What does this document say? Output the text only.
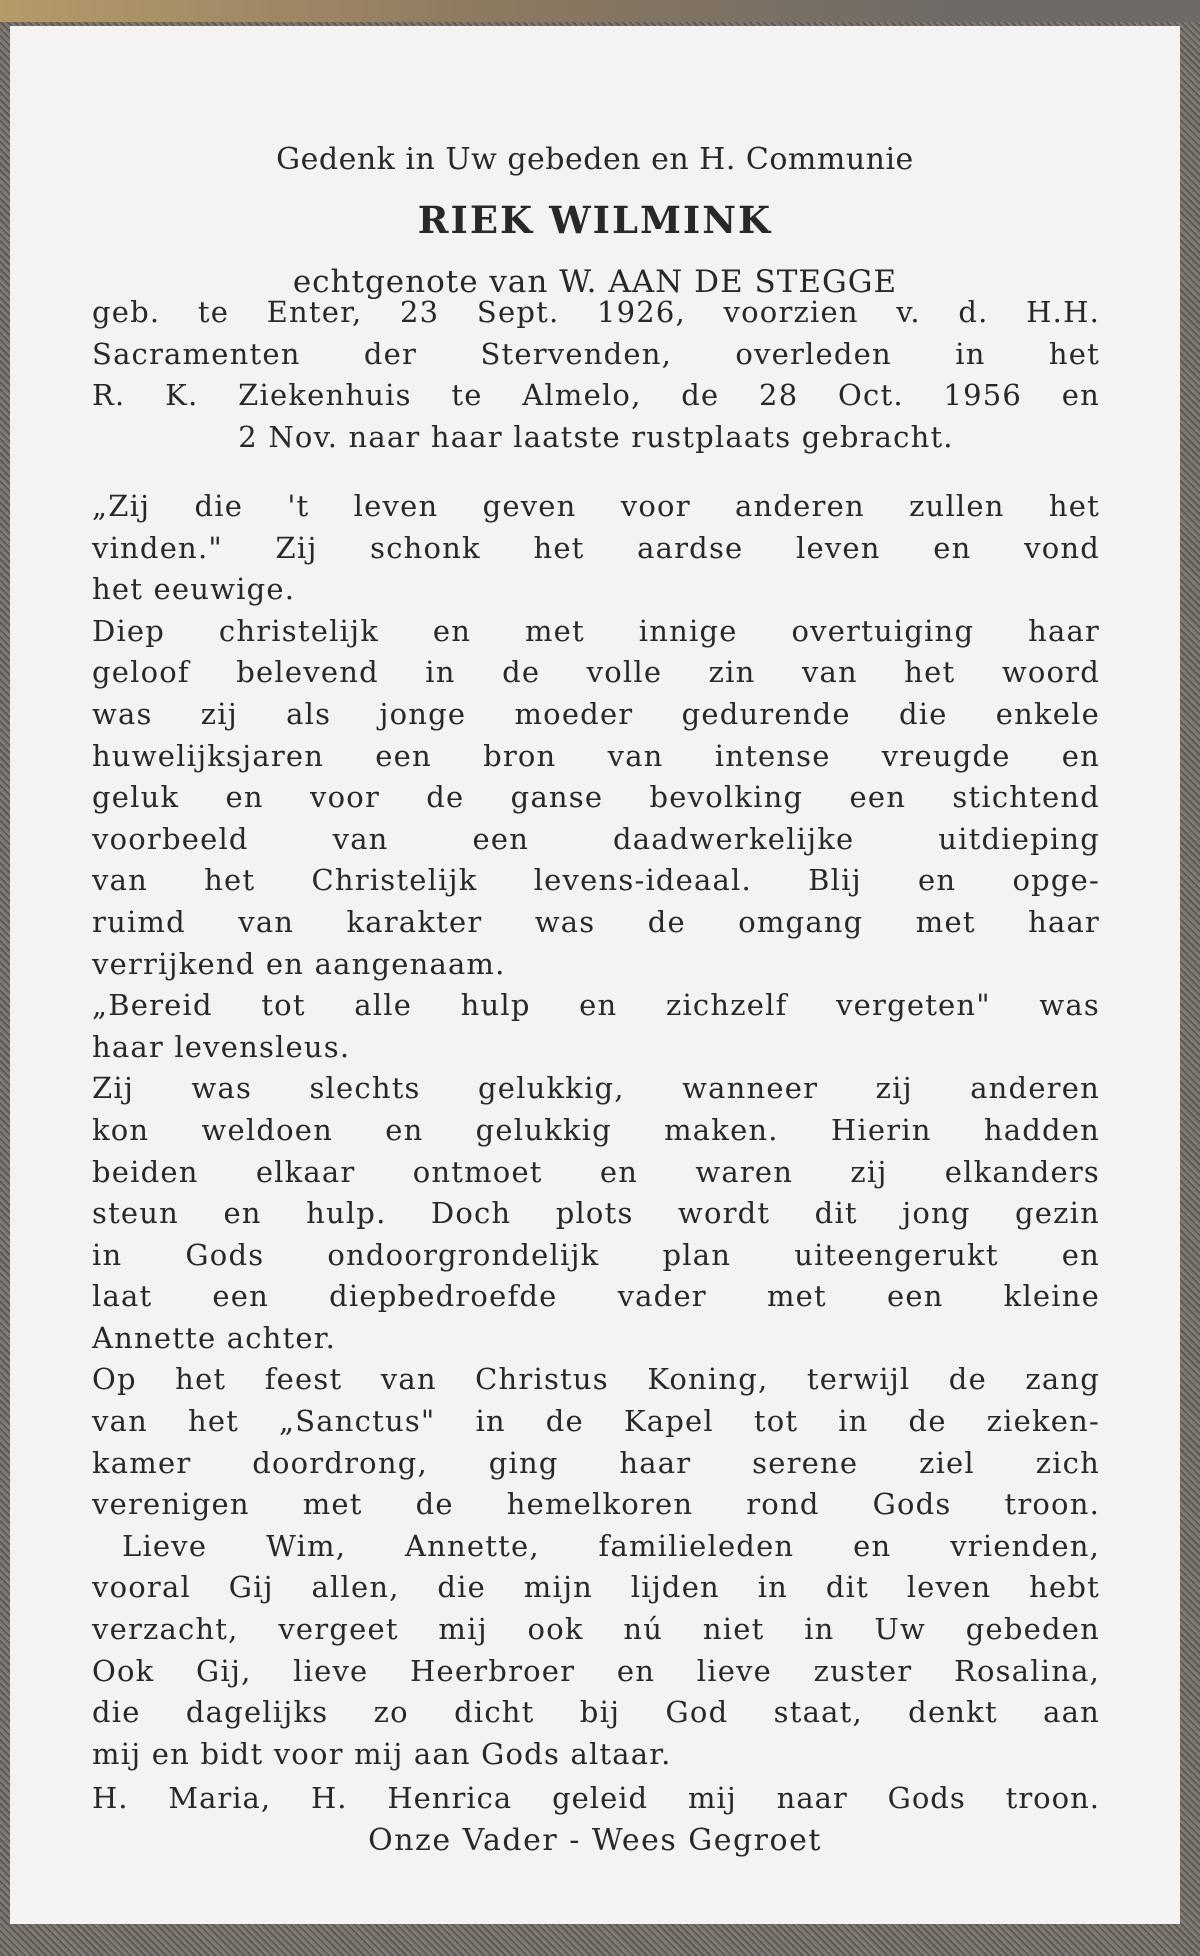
Gedenk in Uw gebeden en H. Communie
RIEK WILMINK
echtgenote van W. AAN DE STEGGE
geb. te Enter, 23 Sept. 1926, voorzien v. d. H.H.
Sacramenten der Stervenden, overleden in het
R. K. Ziekenhuis te Almelo, de 28 Oct. 1956 en
2 Nov. naar haar laatste rustplaats gebracht.
„Zij die 't leven geven voor anderen zullen het
vinden." Zij schonk het aardse leven en vond
het eeuwige.
Diep christelijk en met innige overtuiging haar
geloof belevend in de volle zin van het woord
was zij als jonge moeder gedurende die enkele
huwelijksjaren een bron van intense vreugde en
geluk en voor de ganse bevolking een stichtend
voorbeeld van een daadwerkelijke uitdieping
van het Christelijk levens-ideaal. Blij en opge-
ruimd van karakter was de omgang met haar
verrijkend en aangenaam.
„Bereid tot alle hulp en zichzelf vergeten" was
haar levensleus.
Zij was slechts gelukkig, wanneer zij anderen
kon weldoen en gelukkig maken. Hierin hadden
beiden elkaar ontmoet en waren zij elkanders
steun en hulp. Doch plots wordt dit jong gezin
in Gods ondoorgrondelijk plan uiteengerukt en
laat een diepbedroefde vader met een kleine
Annette achter.
Op het feest van Christus Koning, terwijl de zang
van het „Sanctus" in de Kapel tot in de zieken-
kamer doordrong, ging haar serene ziel zich
verenigen met de hemelkoren rond Gods troon.
Lieve Wim, Annette, familieleden en vrienden,
vooral Gij allen, die mijn lijden in dit leven hebt
verzacht, vergeet mij ook nú niet in Uw gebeden
Ook Gij, lieve Heerbroer en lieve zuster Rosalina,
die dagelijks zo dicht bij God staat, denkt aan
mij en bidt voor mij aan Gods altaar.
H. Maria, H. Henrica geleid mij naar Gods troon.
Onze Vader - Wees Gegroet
